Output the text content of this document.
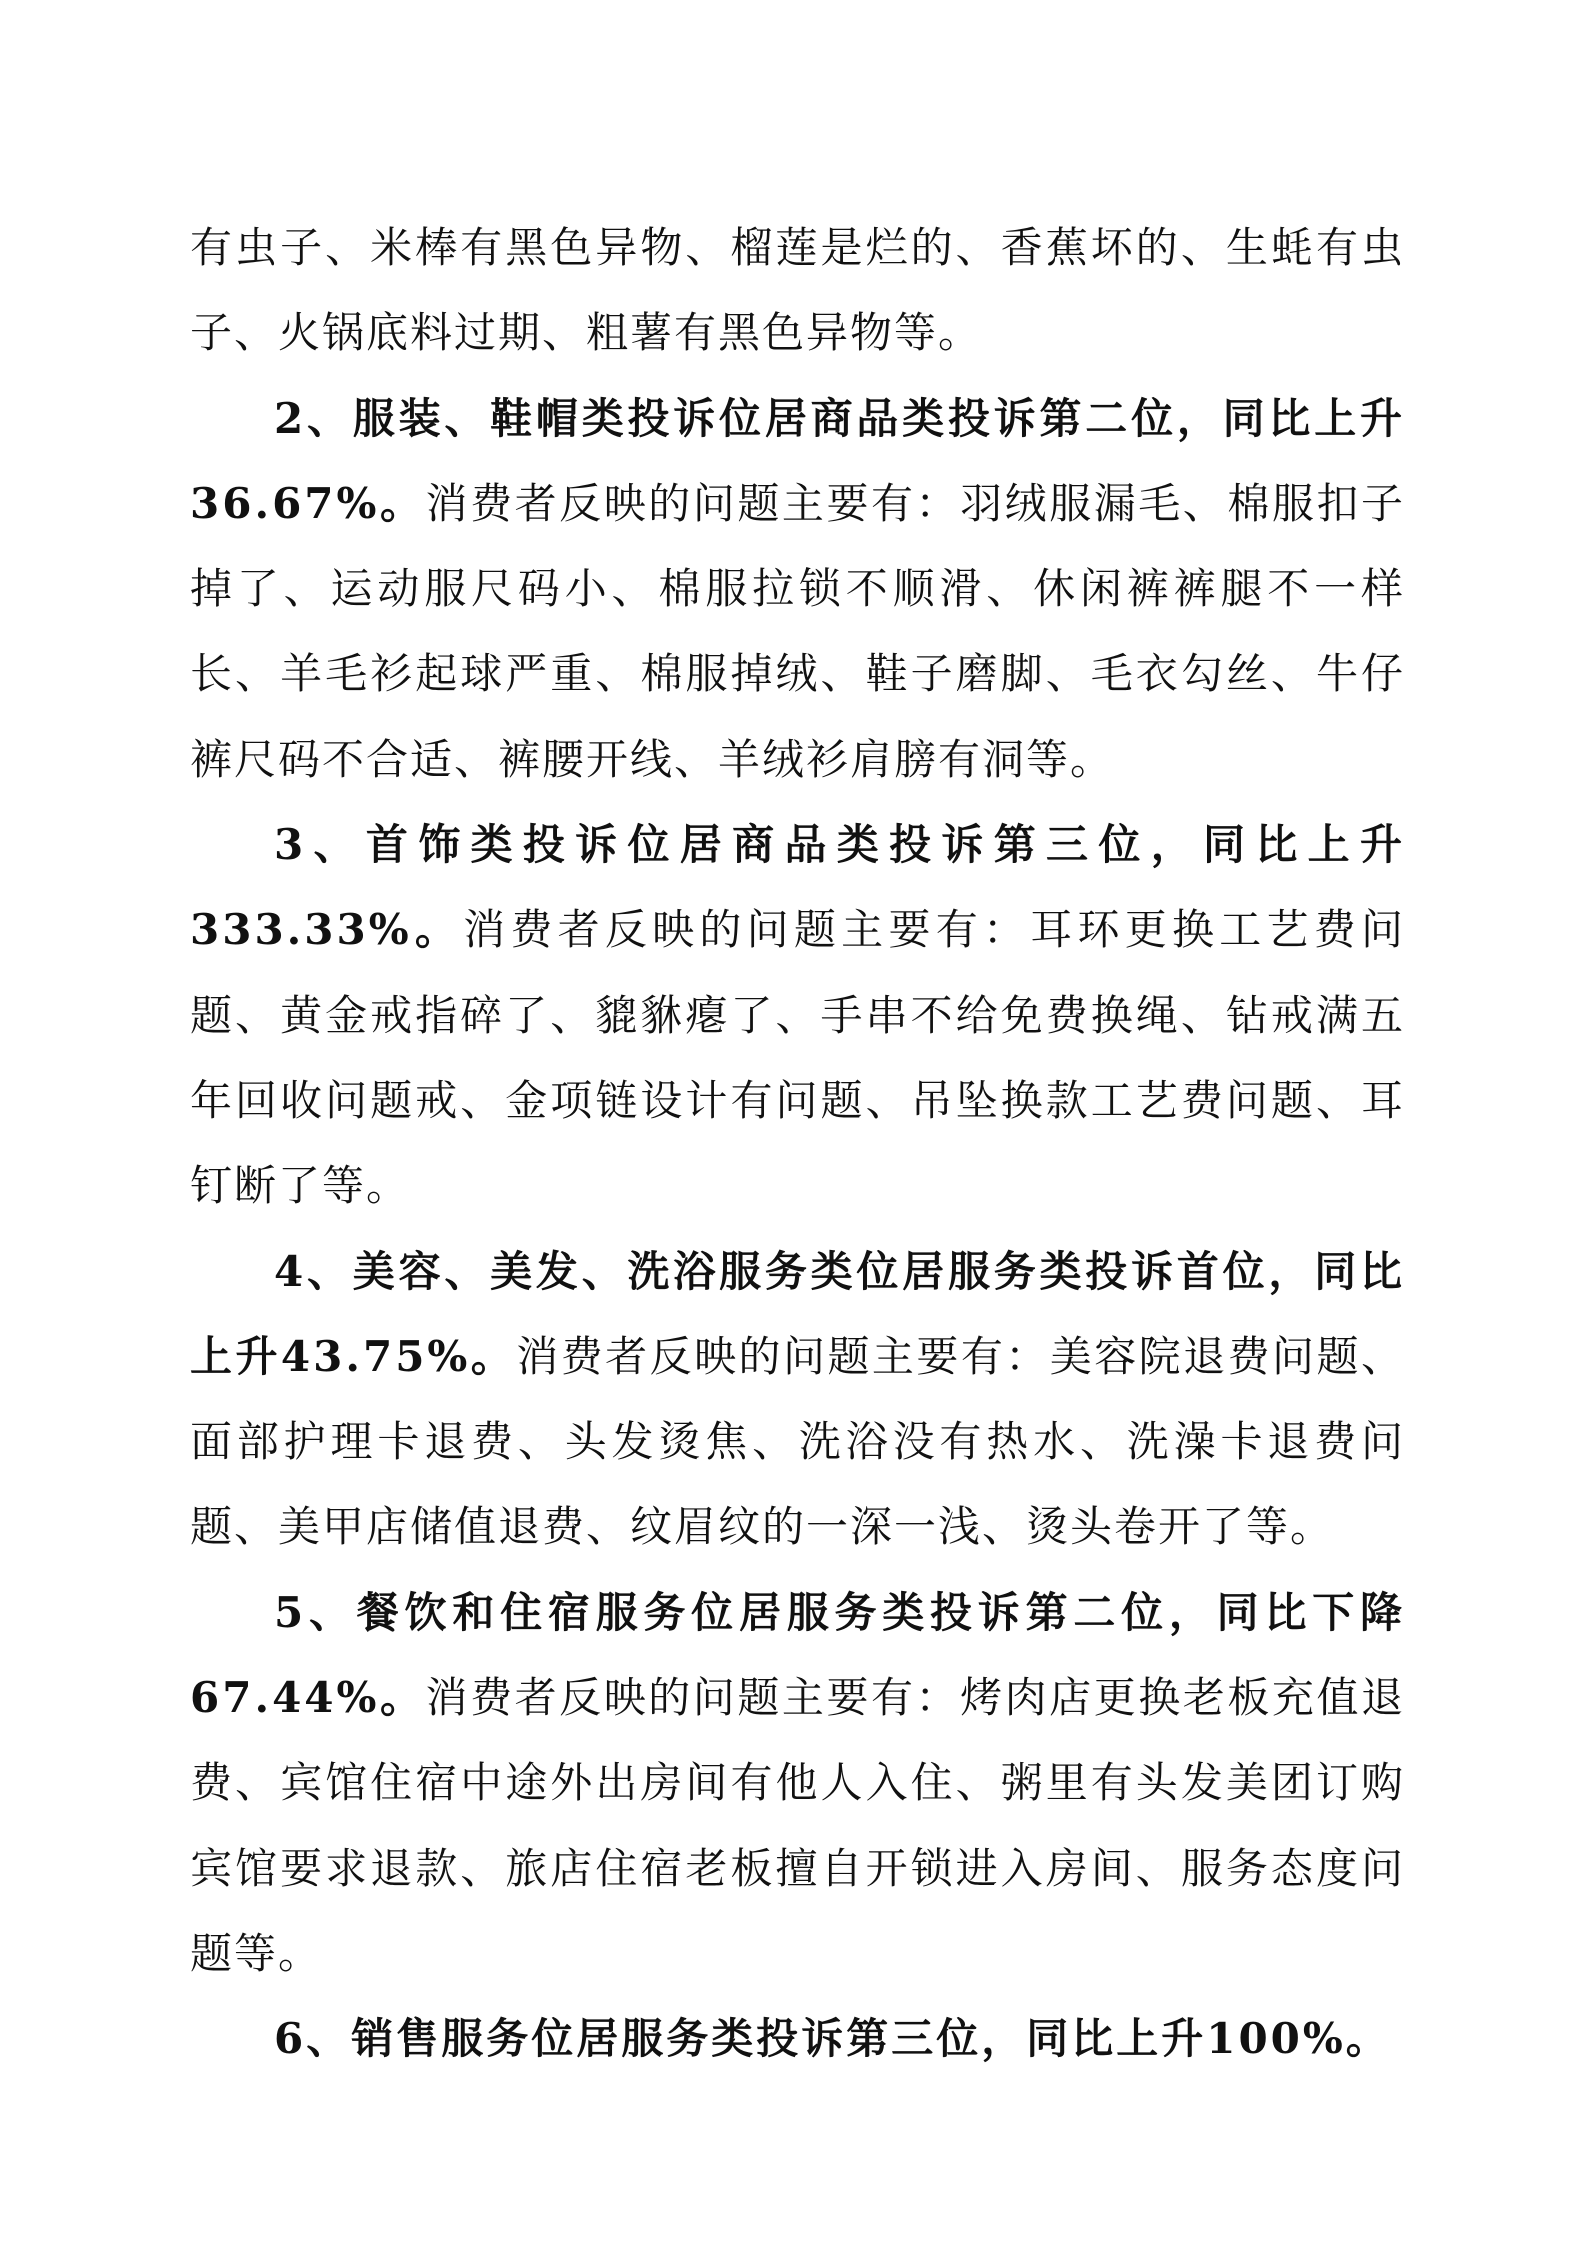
有虫子、米棒有黑色异物、榴莲是烂的、香蕉坏的、生蚝有虫子、火锅底料过期、粗薯有黑色异物等。

2、服装、鞋帽类投诉位居商品类投诉第二位，同比上升36.67%。消费者反映的问题主要有：羽绒服漏毛、棉服扣子掉了、运动服尺码小、棉服拉锁不顺滑、休闲裤裤腿不一样长、羊毛衫起球严重、棉服掉绒、鞋子磨脚、毛衣勾丝、牛仔裤尺码不合适、裤腰开线、羊绒衫肩膀有洞等。

3、首饰类投诉位居商品类投诉第三位，同比上升333.33%。消费者反映的问题主要有：耳环更换工艺费问题、黄金戒指碎了、貔貅瘪了、手串不给免费换绳、钻戒满五年回收问题戒、金项链设计有问题、吊坠换款工艺费问题、耳钉断了等。

4、美容、美发、洗浴服务类位居服务类投诉首位，同比上升43.75%。消费者反映的问题主要有：美容院退费问题、面部护理卡退费、头发烫焦、洗浴没有热水、洗澡卡退费问题、美甲店储值退费、纹眉纹的一深一浅、烫头卷开了等。

5、餐饮和住宿服务位居服务类投诉第二位，同比下降67.44%。消费者反映的问题主要有：烤肉店更换老板充值退费、宾馆住宿中途外出房间有他人入住、粥里有头发美团订购宾馆要求退款、旅店住宿老板擅自开锁进入房间、服务态度问题等。

6、销售服务位居服务类投诉第三位，同比上升100%。
